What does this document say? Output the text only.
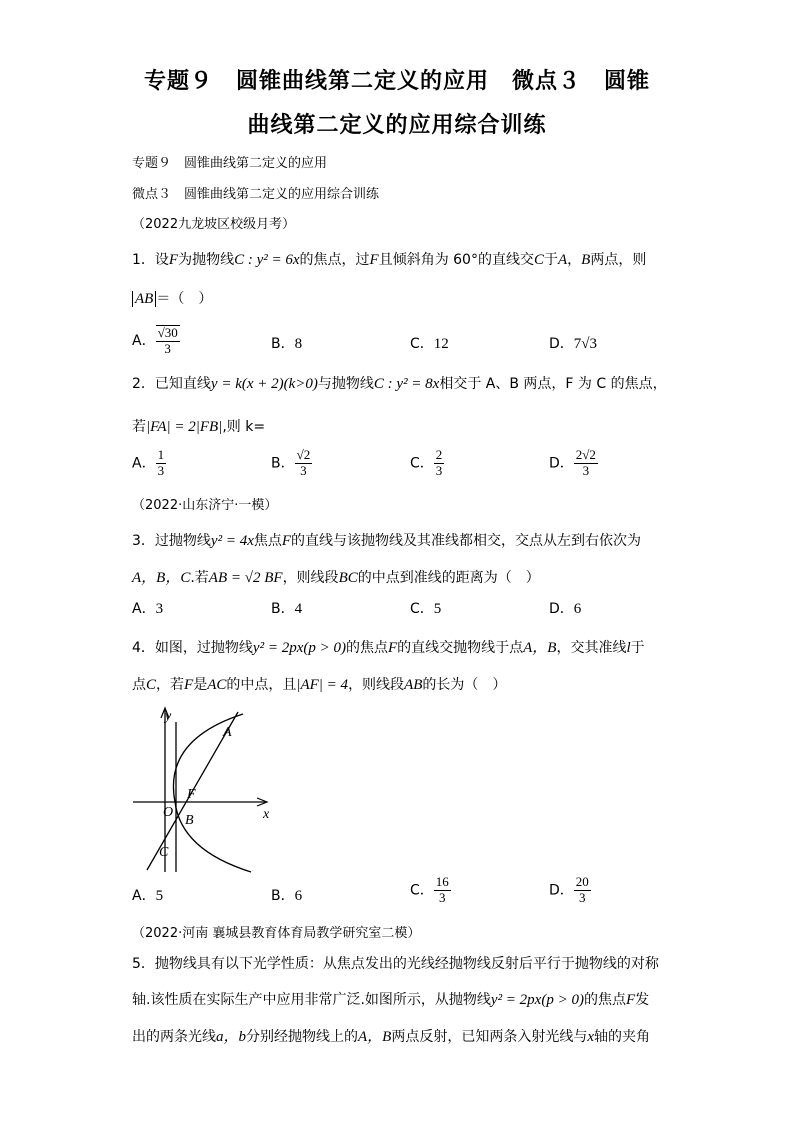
专题９　圆锥曲线第二定义的应用　微点３　圆锥
曲线第二定义的应用综合训练
专题９　圆锥曲线第二定义的应用
微点３　圆锥曲线第二定义的应用综合训练
（2022九龙坡区校级月考）
1．设F为抛物线C : y² = 6x的焦点，过F且倾斜角为 60°的直线交C于A，B两点，则
AB ＝（　）
A． $\frac{√30}{3}$	B．8	C．12	D．7√3
2．已知直线y = k(x + 2)(k>0)与抛物线C : y² = 8x相交于 A、B 两点，F 为 C 的焦点，
若|FA| = 2|FB|,则 k=
A． $\frac{1}{3}$	B． $\frac{√2}{3}$	C． $\frac{2}{3}$	D． $\frac{2√2}{3}$
（2022·山东济宁·一模）
3．过抛物线y² = 4x焦点F的直线与该抛物线及其准线都相交，交点从左到右依次为
A，B，C.若AB = √2 BF，则线段BC的中点到准线的距离为（　）
A．3	B．4	C．5	D．6
4．如图，过抛物线y² = 2px(p > 0)的焦点F的直线交抛物线于点A，B，交其准线l于
点C，若F是AC的中点，且|AF| = 4，则线段AB的长为（　）
y
x
A
F
O
B
C
A．5	B．6	C． $\frac{16}{3}$	D． $\frac{20}{3}$
（2022·河南 襄城县教育体育局教学研究室二模）
5．抛物线具有以下光学性质：从焦点发出的光线经抛物线反射后平行于抛物线的对称
轴.该性质在实际生产中应用非常广泛.如图所示，从抛物线y² = 2px(p > 0)的焦点F发
出的两条光线a，b分别经抛物线上的A，B两点反射，已知两条入射光线与x轴的夹角
